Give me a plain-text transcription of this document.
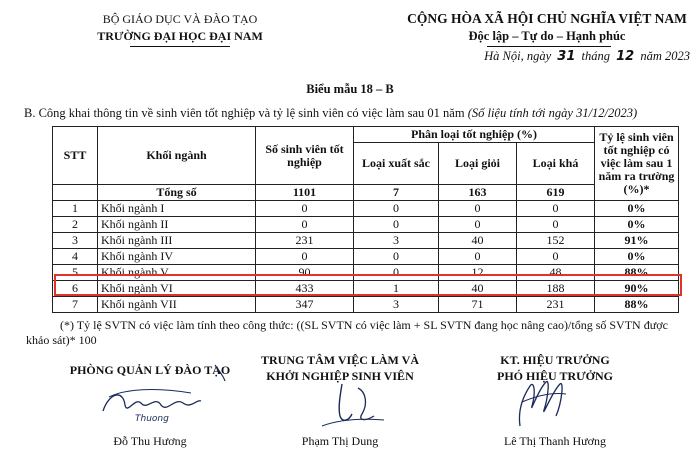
BỘ GIÁO DỤC VÀ ĐÀO TẠO
TRƯỜNG ĐẠI HỌC ĐẠI NAM
CỘNG HÒA XÃ HỘI CHỦ NGHĨA VIỆT NAM
Độc lập – Tự do – Hạnh phúc
Hà Nội, ngày 31 tháng 12 năm 2023
Biểu mẫu 18 – B
B. Công khai thông tin về sinh viên tốt nghiệp và tỷ lệ sinh viên có việc làm sau 01 năm (Số liệu tính tới ngày 31/12/2023)
STT	Khối ngành	Số sinh viên tốt nghiệp	Phân loại tốt nghiệp (%)			Tỷ lệ sinh viên tốt nghiệp có việc làm sau 1 năm ra trường (%)*
			Loại xuất sắc	Loại giỏi	Loại khá	
	Tổng số	1101	7	163	619	
1	Khối ngành I	0	0	0	0	0%
2	Khối ngành II	0	0	0	0	0%
3	Khối ngành III	231	3	40	152	91%
4	Khối ngành IV	0	0	0	0	0%
5	Khối ngành V	90	0	12	48	88%
6	Khối ngành VI	433	1	40	188	90%
7	Khối ngành VII	347	3	71	231	88%
(*) Tỷ lệ SVTN có việc làm tính theo công thức: ((SL SVTN có việc làm + SL SVTN đang học nâng cao)/tổng số SVTN được
khảo sát)* 100
PHÒNG QUẢN LÝ ĐÀO TẠO
TRUNG TÂM VIỆC LÀM VÀ
KHỞI NGHIỆP SINH VIÊN
KT. HIỆU TRƯỞNG
PHÓ HIỆU TRƯỞNG
Thuong
Đỗ Thu Hương	Phạm Thị Dung	Lê Thị Thanh Hương
